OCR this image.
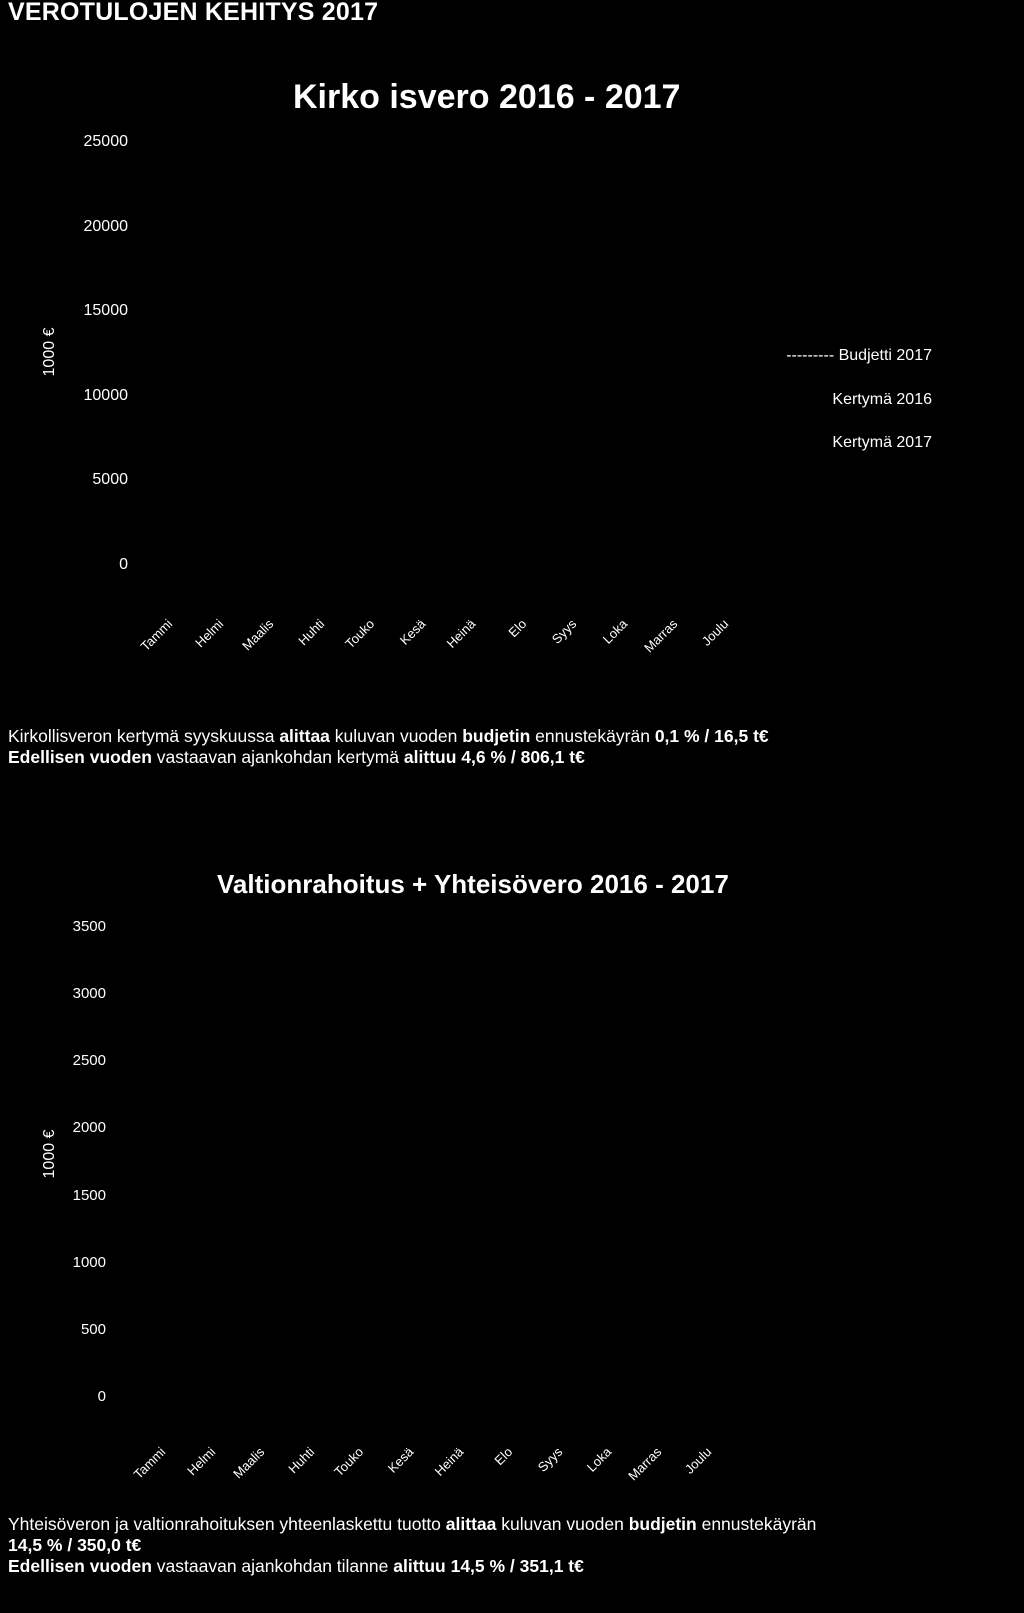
VEROTULOJEN KEHITYS 2017
Kirko isvero 2016 - 2017
1000 €
25000
20000
15000
10000
5000
0
Tammi	Helmi	Maalis	Huhti	Touko	Kesä	Heinä	Elo	Syys	Loka Marras	Joulu
--------- Budjetti 2017
Kertymä 2016
Kertymä 2017
Kirkollisveron kertymä syyskuussa alittaa kuluvan vuoden budjetin ennustekäyrän 0,1 % / 16,5 t€
Edellisen vuoden vastaavan ajankohdan kertymä alittuu 4,6 % / 806,1 t€
Valtionrahoitus + Yhteisövero 2016 - 2017
1000 €
3500
3000
2500
2000
1500
1000
500
0
Tammi	Helmi Maalis	Huhti	Touko	Kesä	Heinä	Elo	Syys	Loka Marras	Joulu
Yhteisöveron ja valtionrahoituksen yhteenlaskettu tuotto alittaa kuluvan vuoden budjetin ennustekäyrän
14,5 % / 350,0 t€
Edellisen vuoden vastaavan ajankohdan tilanne alittuu 14,5 % / 351,1 t€
